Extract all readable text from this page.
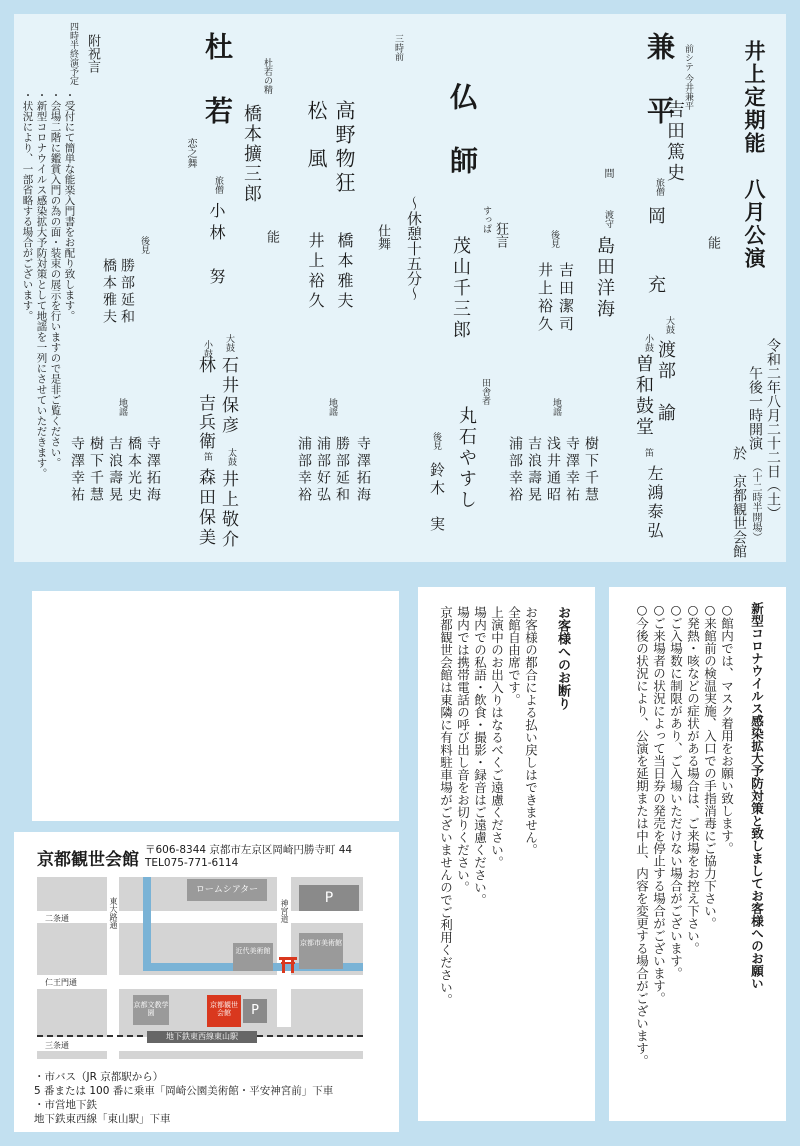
井上定期能　八月公演
令和二年八月二十二日（土）
午後一時開演
（十二時半開場）
於　京都観世会館
能
兼　平 前シテ 今井兼平
吉田篤史
間
旅僧
岡　　充
渡守
島田洋海
大鼓
渡部　諭
小鼓
曽和鼓堂
笛
左鴻泰弘
後見
吉田潔司
井上裕久
地謡
樹下千慧
寺澤幸祐
浅井通昭
吉浪壽晃
浦部幸裕
狂言
仏　師
〜休憩十五分〜	すっぱ
茂山千三郎
田舎者
丸石やすし
後見
鈴木　実
三時前
仕舞
高野物狂
橋本雅夫
松　風
井上裕久
地謡
寺澤拓海
勝部延和
浦部好弘
浦部幸裕
能
杜　若
恋之舞
杜若の精
橋本擴三郎
旅僧
小林　努
大鼓
石井保彦
小鼓
林　吉兵衛
太鼓
井上敬介
笛
森田保美
後見
勝部延和
橋本雅夫
地謡
寺澤拓海
橋本光史
吉浪壽晃
樹下千慧
寺澤幸祐
附祝言
四時半終演予定
・受付にて簡単な能楽入門書をお配り致します。
・会場二階に鑑賞入門の為の面・装束の展示を行いますので是非ご覧ください。
・新型コロナウイルス感染拡大予防対策として地謡を一列にさせていただきます。
・状況により、一部省略する場合がございます。
新型コロナウイルス感染拡大予防対策と致しましてお客様へのお願い
○館内では、マスク着用をお願い致します。
○来館前の検温実施、入口での手指消毒にご協力下さい。
○発熱・咳などの症状がある場合は、ご来場をお控え下さい。
○ご入場数に制限があり、ご入場いただけない場合がございます。
○ご来場者の状況によって当日券の発売を停止する場合がございます。
○今後の状況により、公演を延期または中止、内容を変更する場合がございます。
お客様へのお断り
お客様の都合による払い戻しはできません。
全館自由席です。
上演中のお出入りはなるべくご遠慮ください。
場内での私語・飲食・撮影・録音はご遠慮ください。
場内では携帯電話の呼び出し音をお切りください。
京都観世会館は東隣に有料駐車場がございませんのでご利用ください。
京都観世会館 〒606-8344 京都市左京区岡崎円勝寺町 44
TEL075-771-6114
ロームシアター	P
近代美術館
京都市美術館
京都文教学園
京都観世会館	P
二条通
仁王門通
三条通
東大路通	神宮道
地下鉄東西線東山駅
・市バス（JR 京都駅から）
5 番または 100 番に乗車「岡崎公園美術館・平安神宮前」下車
・市営地下鉄
地下鉄東西線「東山駅」下車
